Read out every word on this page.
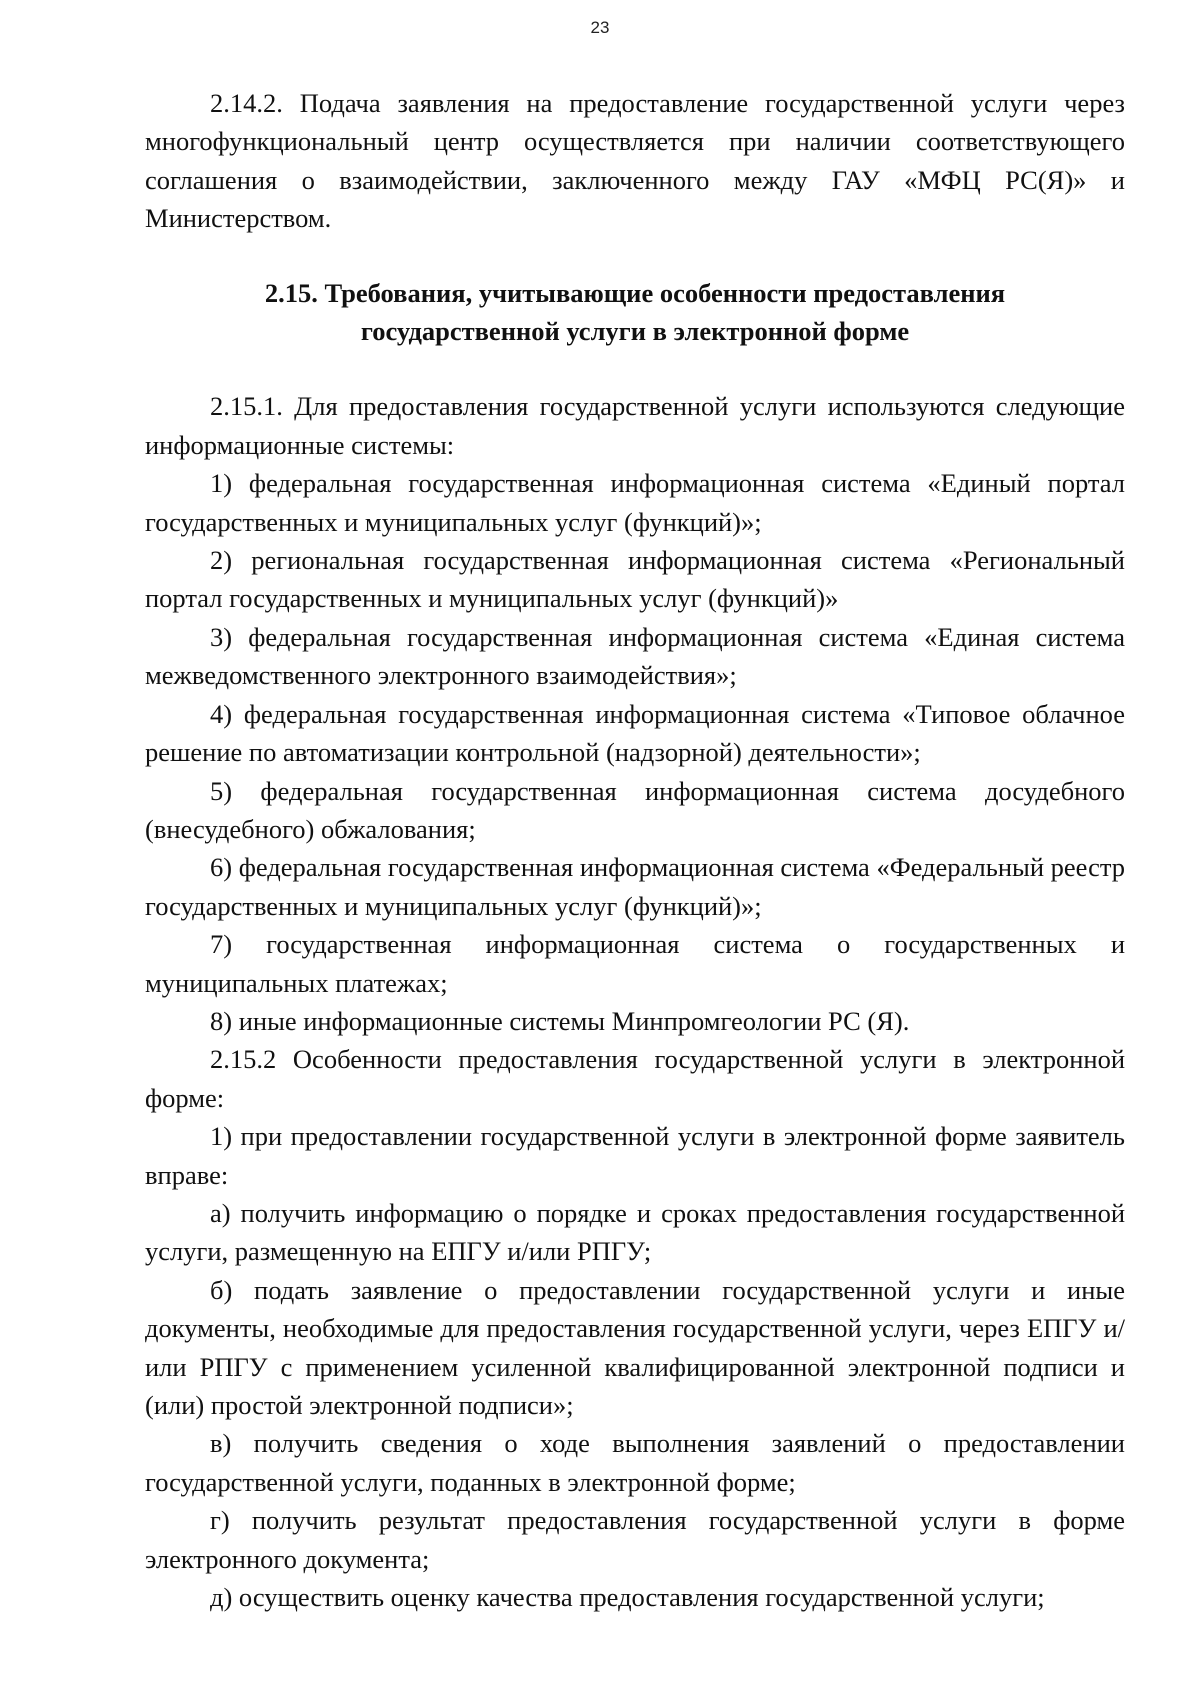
23

2.14.2. Подача заявления на предоставление государственной услуги через многофункциональный центр осуществляется при наличии соответствующего соглашения о взаимодействии, заключенного между ГАУ «МФЦ РС(Я)» и Министерством.

2.15. Требования, учитывающие особенности предоставления
государственной услуги в электронной форме

2.15.1. Для предоставления государственной услуги используются следующие информационные системы:

1) федеральная государственная информационная система «Единый портал государственных и муниципальных услуг (функций)»;

2) региональная государственная информационная система «Региональный портал государственных и муниципальных услуг (функций)»

3) федеральная государственная информационная система «Единая система межведомственного электронного взаимодействия»;

4) федеральная государственная информационная система «Типовое облачное решение по автоматизации контрольной (надзорной) деятельности»;

5) федеральная государственная информационная система досудебного (внесудебного) обжалования;

6) федеральная государственная информационная система «Федеральный реестр государственных и муниципальных услуг (функций)»;

7) государственная информационная система о государственных и муниципальных платежах;

8) иные информационные системы Минпромгеологии РС (Я).

2.15.2 Особенности предоставления государственной услуги в электронной форме:

1) при предоставлении государственной услуги в электронной форме заявитель вправе:

а) получить информацию о порядке и сроках предоставления государственной услуги, размещенную на ЕПГУ и/или РПГУ;

б) подать заявление о предоставлении государственной услуги и иные документы, необходимые для предоставления государственной услуги, через ЕПГУ и/или РПГУ с применением усиленной квалифицированной электронной подписи и (или) простой электронной подписи»;

в) получить сведения о ходе выполнения заявлений о предоставлении государственной услуги, поданных в электронной форме;

г) получить результат предоставления государственной услуги в форме электронного документа;

д) осуществить оценку качества предоставления государственной услуги;
